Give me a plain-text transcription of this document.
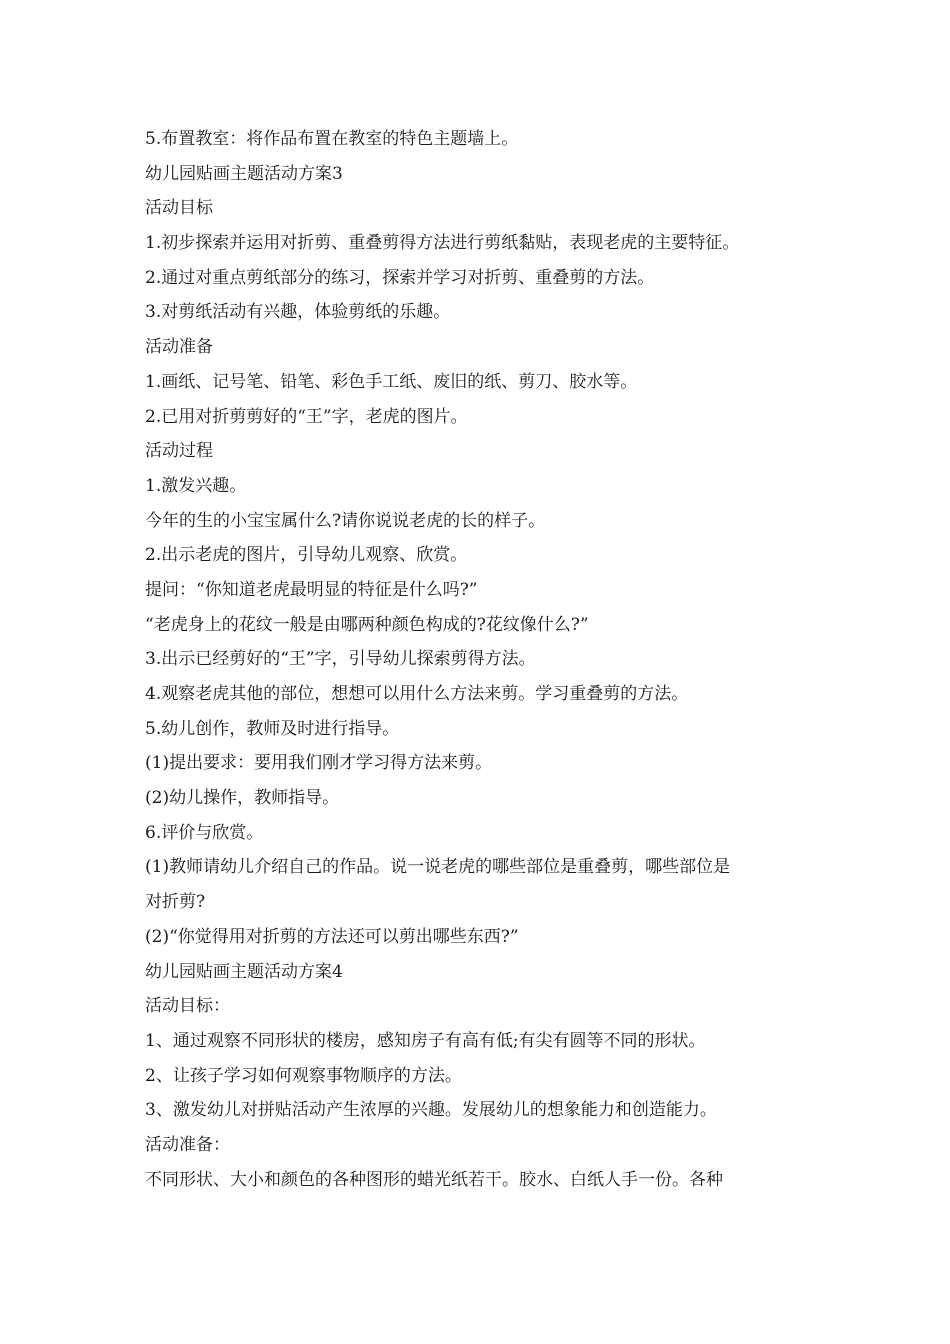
5.布置教室：将作品布置在教室的特色主题墙上。
幼儿园贴画主题活动方案3
活动目标
1.初步探索并运用对折剪、重叠剪得方法进行剪纸黏贴，表现老虎的主要特征。
2.通过对重点剪纸部分的练习，探索并学习对折剪、重叠剪的方法。
3.对剪纸活动有兴趣，体验剪纸的乐趣。
活动准备
1.画纸、记号笔、铅笔、彩色手工纸、废旧的纸、剪刀、胶水等。
2.已用对折剪剪好的“王”字，老虎的图片。
活动过程
1.激发兴趣。
今年的生的小宝宝属什么?请你说说老虎的长的样子。
2.出示老虎的图片，引导幼儿观察、欣赏。
提问：“你知道老虎最明显的特征是什么吗?”
“老虎身上的花纹一般是由哪两种颜色构成的?花纹像什么?”
3.出示已经剪好的“王”字，引导幼儿探索剪得方法。
4.观察老虎其他的部位，想想可以用什么方法来剪。学习重叠剪的方法。
5.幼儿创作，教师及时进行指导。
(1)提出要求：要用我们刚才学习得方法来剪。
(2)幼儿操作，教师指导。
6.评价与欣赏。
(1)教师请幼儿介绍自己的作品。说一说老虎的哪些部位是重叠剪，哪些部位是
对折剪?
(2)“你觉得用对折剪的方法还可以剪出哪些东西?”
幼儿园贴画主题活动方案4
活动目标：
1、通过观察不同形状的楼房，感知房子有高有低;有尖有圆等不同的形状。
2、让孩子学习如何观察事物顺序的方法。
3、激发幼儿对拼贴活动产生浓厚的兴趣。发展幼儿的想象能力和创造能力。
活动准备：
不同形状、大小和颜色的各种图形的蜡光纸若干。胶水、白纸人手一份。各种
